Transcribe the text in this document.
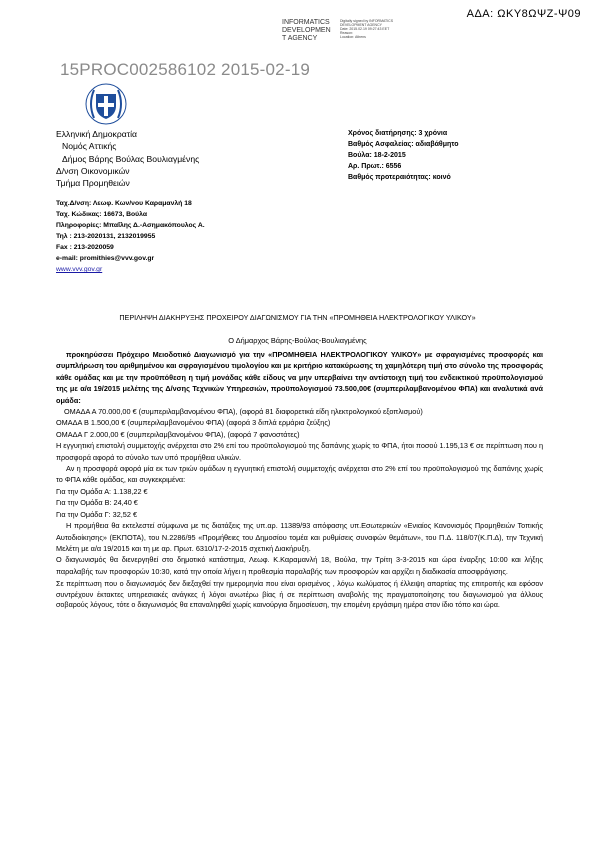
ΑΔΑ: ΩΚΥ8ΩΨΖ-Ψ09
INFORMATICS
DEVELOPMEN
T AGENCY
Digitally signed by INFORMATICS DEVELOPMENT AGENCY
Date: 2015.02.19 09:27:43 EET
Reason:
Location: Athens
15PROC002586102 2015-02-19
Ελληνική Δημοκρατία
Νομός Αττικής
Δήμος Βάρης Βούλας Βουλιαγμένης
Δ/νση Οικονομικών
Τμήμα Προμηθειών
Ταχ.Δ/νση: Λεωφ. Κων/νου Καραμανλή 18
Ταχ. Κώδικας: 16673, Βούλα
Πληροφορίες: Μπαΐλης Δ.-Ασημακόπουλος Α.
Τηλ : 213-2020131, 2132019955
Fax : 213-2020059
e-mail: promithies@vvv.gov.gr
www.vvv.gov.gr
Χρόνος διατήρησης: 3 χρόνια
Βαθμός Ασφαλείας: αδιαβάθμητο
Βούλα: 18-2-2015
Αρ. Πρωτ.: 6556
Βαθμός προτεραιότητας: κοινό
ΠΕΡΙΛΗΨΗ ΔΙΑΚΗΡΥΞΗΣ ΠΡΟΧΕΙΡΟΥ ΔΙΑΓΩΝΙΣΜΟΥ ΓΙΑ ΤΗΝ «ΠΡΟΜΗΘΕΙΑ ΗΛΕΚΤΡΟΛΟΓΙΚΟΥ ΥΛΙΚΟΥ»
Ο Δήμαρχος Βάρης-Βούλας-Βουλιαγμένης

προκηρύσσει Πρόχειρο Μειοδοτικό Διαγωνισμό για την «ΠΡΟΜΗΘΕΙΑ ΗΛΕΚΤΡΟΛΟΓΙΚΟΥ ΥΛΙΚΟΥ» με σφραγισμένες προσφορές και συμπλήρωση του αριθμημένου και σφραγισμένου τιμολογίου και με κριτήριο κατακύρωσης τη χαμηλότερη τιμή στο σύνολο της προσφοράς κάθε ομάδας και με την προϋπόθεση η τιμή μονάδας κάθε είδους να μην υπερβαίνει την αντίστοιχη τιμή του ενδεικτικού προϋπολογισμού της με α/α 19/2015 μελέτης της Δ/νσης Τεχνικών Υπηρεσιών, προϋπολογισμού 73.500,00€ (συμπεριλαμβανομένου ΦΠΑ) και αναλυτικά ανά ομάδα:

ΟΜΑΔΑ Α 70.000,00 € (συμπεριλαμβανομένου ΦΠΑ), (αφορά 81 διαφορετικά είδη ηλεκτρολογικού εξοπλισμού)

ΟΜΑΔΑ Β 1.500,00 € (συμπεριλαμβανομένου ΦΠΑ) (αφορά 3 διπλά ερμάρια ζεύξης)

ΟΜΑΔΑ Γ 2.000,00 € (συμπεριλαμβανομένου ΦΠΑ), (αφορά 7 φανοστάτες)

Η εγγυητική επιστολή συμμετοχής ανέρχεται στο 2% επί του προϋπολογισμού της δαπάνης χωρίς το ΦΠΑ, ήτοι ποσού 1.195,13 € σε περίπτωση που η προσφορά αφορά το σύνολο των υπό προμήθεια υλικών.

Αν η προσφορά αφορά μία εκ των τριών ομάδων η εγγυητική επιστολή συμμετοχής ανέρχεται στο 2% επί του προϋπολογισμού της δαπάνης χωρίς το ΦΠΑ κάθε ομάδας, και συγκεκριμένα:

Για την Ομάδα Α: 1.138,22 €

Για την Ομάδα Β: 24,40 €

Για την Ομάδα Γ: 32,52 €

Η προμήθεια θα εκτελεστεί σύμφωνα με τις διατάξεις της υπ.αρ. 11389/93 απόφασης υπ.Εσωτερικών «Ενιαίος Κανονισμός Προμηθειών Τοπικής Αυτοδιοίκησης» (ΕΚΠΟΤΑ), του Ν.2286/95 «Προμήθειες του Δημοσίου τομέα και ρυθμίσεις συναφών θεμάτων», του Π.Δ. 118/07(Κ.Π.Δ), την Τεχνική Μελέτη με α/α 19/2015 και τη με αρ. Πρωτ. 6310/17-2-2015 σχετική Διακήρυξη.

Ο διαγωνισμός θα διενεργηθεί στο δημοτικό κατάστημα, Λεωφ. Κ.Καραμανλή 18, Βούλα, την Τρίτη 3-3-2015 και ώρα έναρξης 10:00 και λήξης παραλαβής των προσφορών 10:30, κατά την οποία λήγει η προθεσμία παραλαβής των προσφορών και αρχίζει η διαδικασία αποσφράγισης.

Σε περίπτωση που ο διαγωνισμός δεν διεξαχθεί την ημερομηνία που είναι ορισμένος , λόγω κωλύματος ή έλλειψη απαρτίας της επιτροπής και εφόσον συντρέχουν έκτακτες υπηρεσιακές ανάγκες ή λόγοι ανωτέρω βίας ή σε περίπτωση αναβολής της πραγματοποίησης του διαγωνισμού για άλλους σοβαρούς λόγους, τότε ο διαγωνισμός θα επαναληφθεί χωρίς καινούργια δημοσίευση, την επομένη εργάσιμη ημέρα στον ίδιο τόπο και ώρα.
